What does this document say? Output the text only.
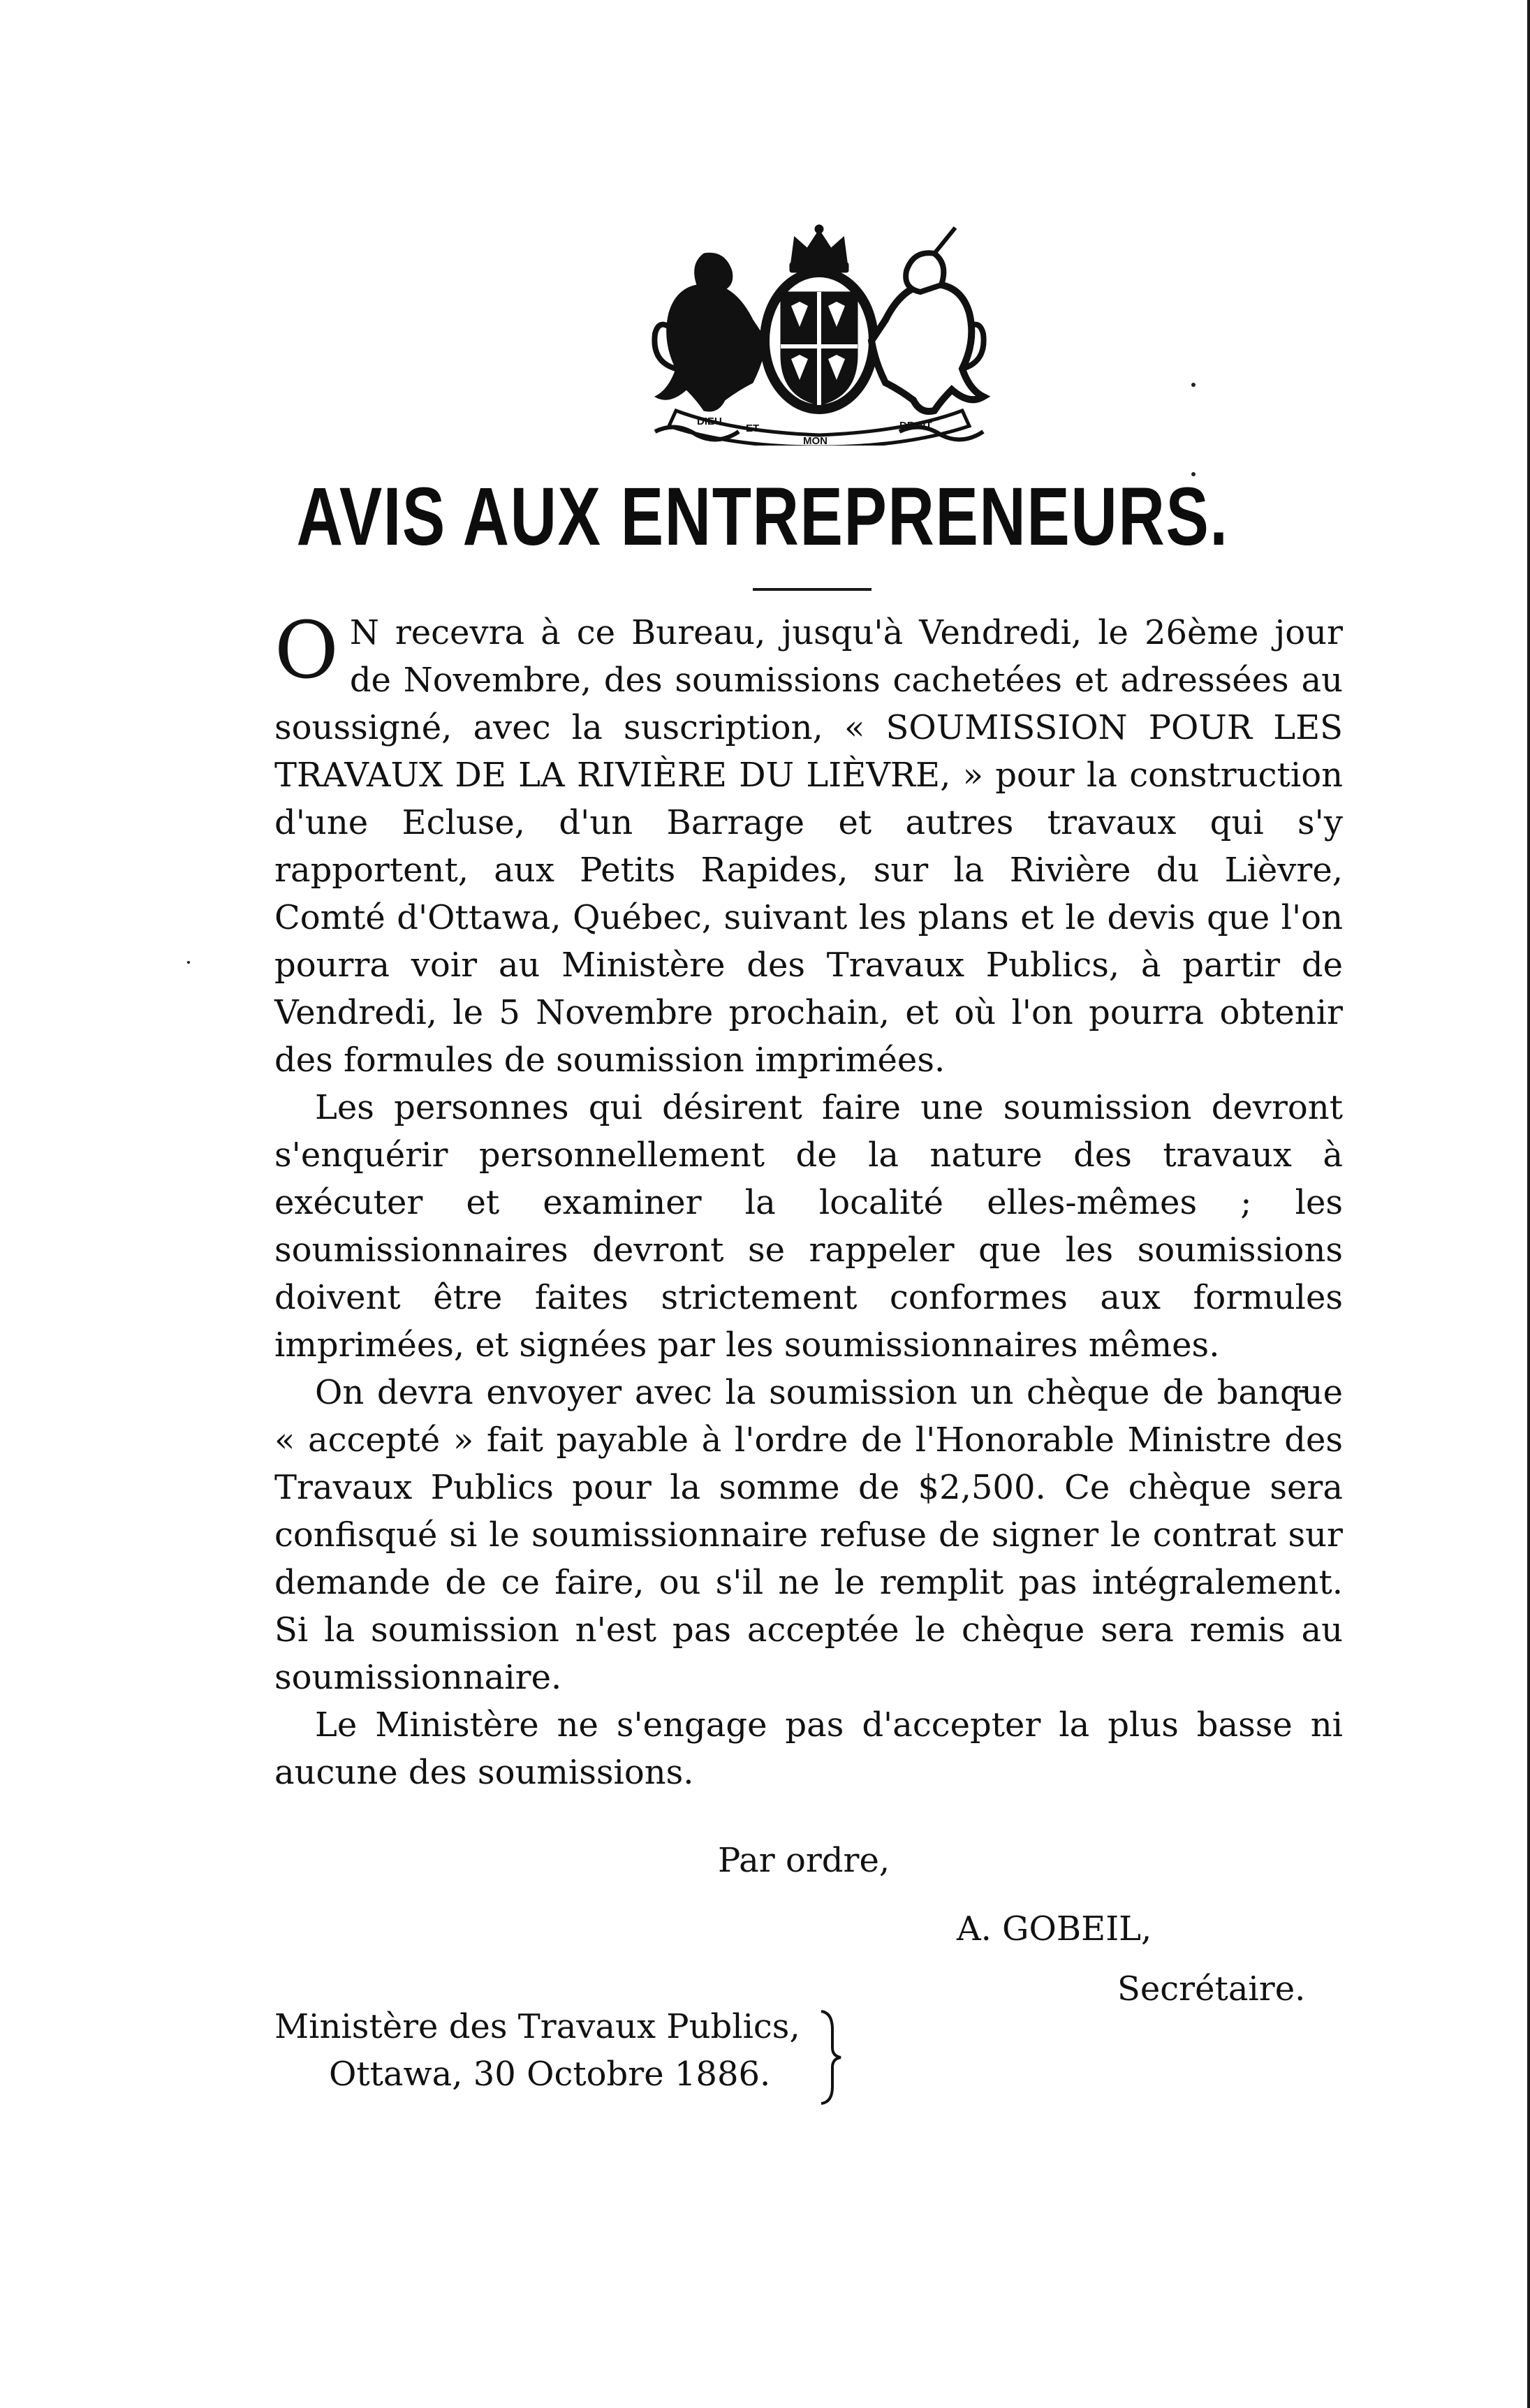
DIEU
ET
MON
DROIT
AVIS AUX ENTREPRENEURS.

O N recevra à ce Bureau, jusqu'à Vendredi, le 26ème jour de Novembre, des soumissions cachetées et adressées au soussigné, avec la suscription, « SOUMISSION POUR LES TRAVAUX DE LA RIVIÈRE DU LIÈVRE, » pour la construction d'une Ecluse, d'un Barrage et autres travaux qui s'y rapportent, aux Petits Rapides, sur la Rivière du Lièvre, Comté d'Ottawa, Québec, suivant les plans et le devis que l'on pourra voir au Ministère des Travaux Publics, à partir de Vendredi, le 5 Novembre prochain, et où l'on pourra obtenir des formules de soumission imprimées.

Les personnes qui désirent faire une soumission devront s'enquérir personnellement de la nature des travaux à exécuter et examiner la localité elles-mêmes ; les soumissionnaires devront se rappeler que les soumissions doivent être faites strictement conformes aux formules imprimées, et signées par les soumissionnaires mêmes.

On devra envoyer avec la soumission un chèque de banque « accepté » fait payable à l'ordre de l'Honorable Ministre des Travaux Publics pour la somme de $2,500. Ce chèque sera confisqué si le soumissionnaire refuse de signer le contrat sur demande de ce faire, ou s'il ne le remplit pas intégralement. Si la soumission n'est pas acceptée le chèque sera remis au soumissionnaire.

Le Ministère ne s'engage pas d'accepter la plus basse ni aucune des soumissions.

Par ordre,
A. GOBEIL,
Secrétaire.
Ministère des Travaux Publics,
Ottawa, 30 Octobre 1886.
